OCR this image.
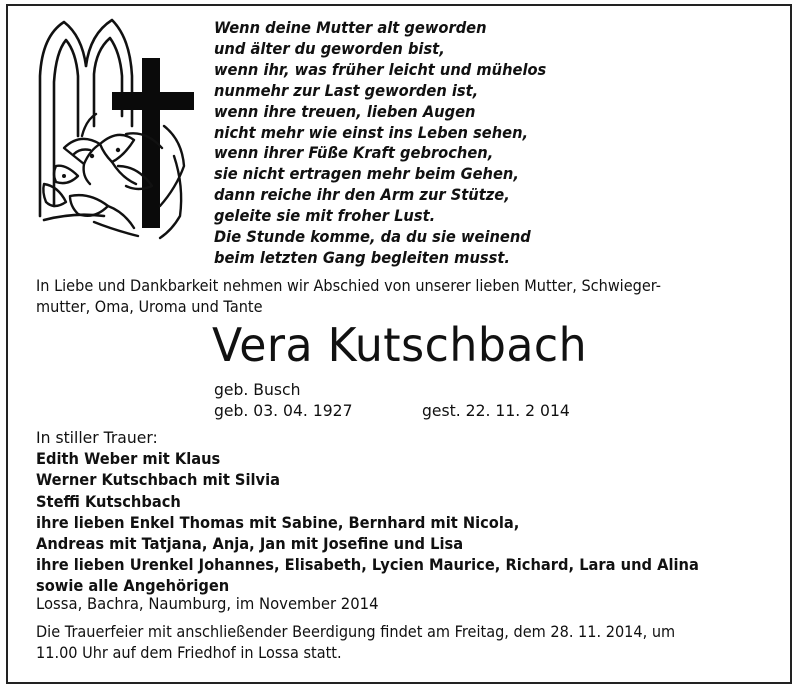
Wenn deine Mutter alt geworden
und älter du geworden bist,
wenn ihr, was früher leicht und mühelos
nunmehr zur Last geworden ist,
wenn ihre treuen, lieben Augen
nicht mehr wie einst ins Leben sehen,
wenn ihrer Füße Kraft gebrochen,
sie nicht ertragen mehr beim Gehen,
dann reiche ihr den Arm zur Stütze,
geleite sie mit froher Lust.
Die Stunde komme, da du sie weinend
beim letzten Gang begleiten musst.
In Liebe und Dankbarkeit nehmen wir Abschied von unserer lieben Mutter, Schwieger-
mutter, Oma, Uroma und Tante
Vera Kutschbach
geb. Busch
geb. 03. 04. 1927	gest. 22. 11. 2 014
In stiller Trauer:
Edith Weber mit Klaus
Werner Kutschbach mit Silvia
Steffi Kutschbach
ihre lieben Enkel Thomas mit Sabine, Bernhard mit Nicola,
Andreas mit Tatjana, Anja, Jan mit Josefine und Lisa
ihre lieben Urenkel Johannes, Elisabeth, Lycien Maurice, Richard, Lara und Alina
sowie alle Angehörigen
Lossa, Bachra, Naumburg, im November 2014
Die Trauerfeier mit anschließender Beerdigung findet am Freitag, dem 28. 11. 2014, um
11.00 Uhr auf dem Friedhof in Lossa statt.
